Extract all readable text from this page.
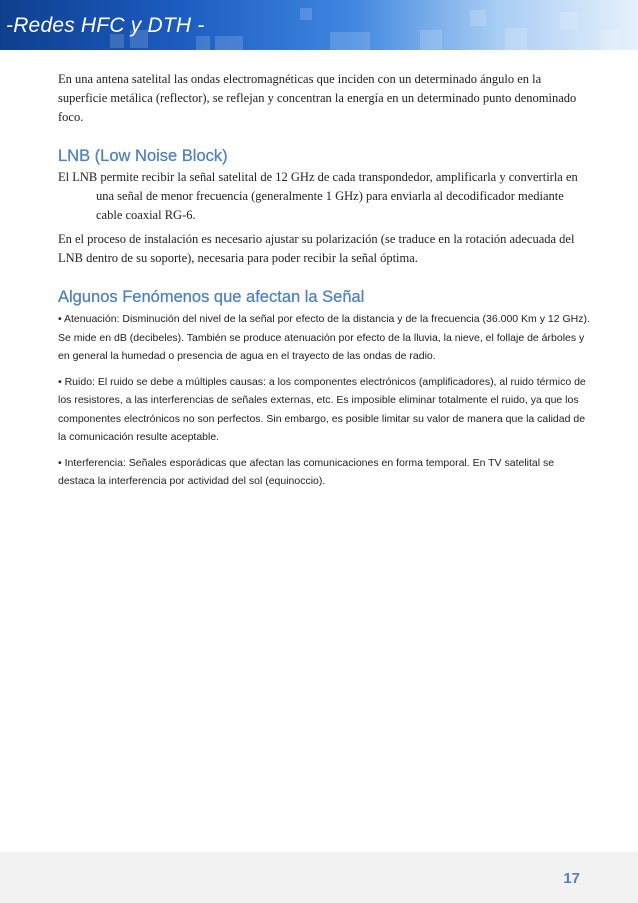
-Redes HFC y DTH -

En una antena satelital las ondas electromagnéticas que inciden con un determinado ángulo en la superficie metálica (reflector), se reflejan y concentran la energía en un determinado punto denominado foco.

LNB (Low Noise Block)

El LNB permite recibir la señal satelital de 12 GHz de cada transpondedor, amplificarla y convertirla en una señal de menor frecuencia (generalmente 1 GHz) para enviarla al decodificador mediante cable coaxial RG-6.

En el proceso de instalación es necesario ajustar su polarización (se traduce en la rotación adecuada del LNB dentro de su soporte), necesaria para poder recibir la señal óptima.

Algunos Fenómenos que afectan la Señal

• Atenuación: Disminución del nivel de la señal por efecto de la distancia y de la frecuencia (36.000 Km y 12 GHz). Se mide en dB (decibeles). También se produce atenuación por efecto de la lluvia, la nieve, el follaje de árboles y en general la humedad o presencia de agua en el trayecto de las ondas de radio.

• Ruido: El ruido se debe a múltiples causas: a los componentes electrónicos (amplificadores), al ruido térmico de los resistores, a las interferencias de señales externas, etc. Es imposible eliminar totalmente el ruido, ya que los componentes electrónicos no son perfectos. Sin embargo, es posible limitar su valor de manera que la calidad de la comunicación resulte aceptable.

• Interferencia: Señales esporádicas que afectan las comunicaciones en forma temporal. En TV satelital se destaca la interferencia por actividad del sol (equinoccio).

17
